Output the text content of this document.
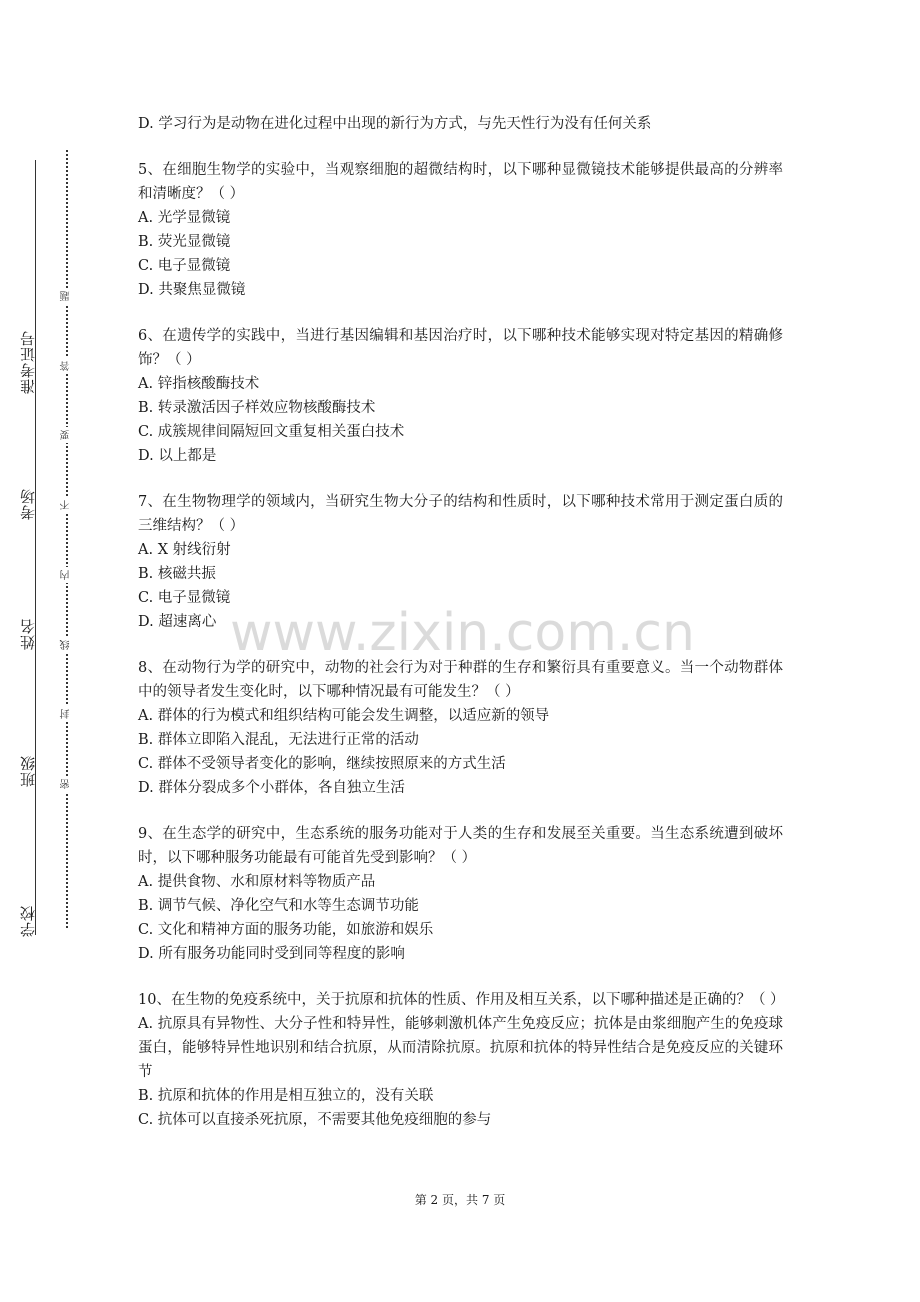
学校
班级
姓名
考场
准考证号
密
封
线
内
不
要
答
题
D. 学习行为是动物在进化过程中出现的新行为方式，与先天性行为没有任何关系
5、在细胞生物学的实验中，当观察细胞的超微结构时，以下哪种显微镜技术能够提供最高的分辨率和清晰度？（ ）
A. 光学显微镜
B. 荧光显微镜
C. 电子显微镜
D. 共聚焦显微镜
6、在遗传学的实践中，当进行基因编辑和基因治疗时，以下哪种技术能够实现对特定基因的精确修饰？（ ）
A. 锌指核酸酶技术
B. 转录激活因子样效应物核酸酶技术
C. 成簇规律间隔短回文重复相关蛋白技术
D. 以上都是
7、在生物物理学的领域内，当研究生物大分子的结构和性质时，以下哪种技术常用于测定蛋白质的三维结构？（ ）
A. X 射线衍射
B. 核磁共振
C. 电子显微镜
D. 超速离心
8、在动物行为学的研究中，动物的社会行为对于种群的生存和繁衍具有重要意义。当一个动物群体中的领导者发生变化时，以下哪种情况最有可能发生？（ ）
A. 群体的行为模式和组织结构可能会发生调整，以适应新的领导
B. 群体立即陷入混乱，无法进行正常的活动
C. 群体不受领导者变化的影响，继续按照原来的方式生活
D. 群体分裂成多个小群体，各自独立生活
9、在生态学的研究中，生态系统的服务功能对于人类的生存和发展至关重要。当生态系统遭到破坏时，以下哪种服务功能最有可能首先受到影响？（ ）
A. 提供食物、水和原材料等物质产品
B. 调节气候、净化空气和水等生态调节功能
C. 文化和精神方面的服务功能，如旅游和娱乐
D. 所有服务功能同时受到同等程度的影响
10、在生物的免疫系统中，关于抗原和抗体的性质、作用及相互关系，以下哪种描述是正确的？（ ）
A. 抗原具有异物性、大分子性和特异性，能够刺激机体产生免疫反应；抗体是由浆细胞产生的免疫球蛋白，能够特异性地识别和结合抗原，从而清除抗原。抗原和抗体的特异性结合是免疫反应的关键环节
B. 抗原和抗体的作用是相互独立的，没有关联
C. 抗体可以直接杀死抗原，不需要其他免疫细胞的参与
www.zixin.com.cn
第 2 页，共 7 页
